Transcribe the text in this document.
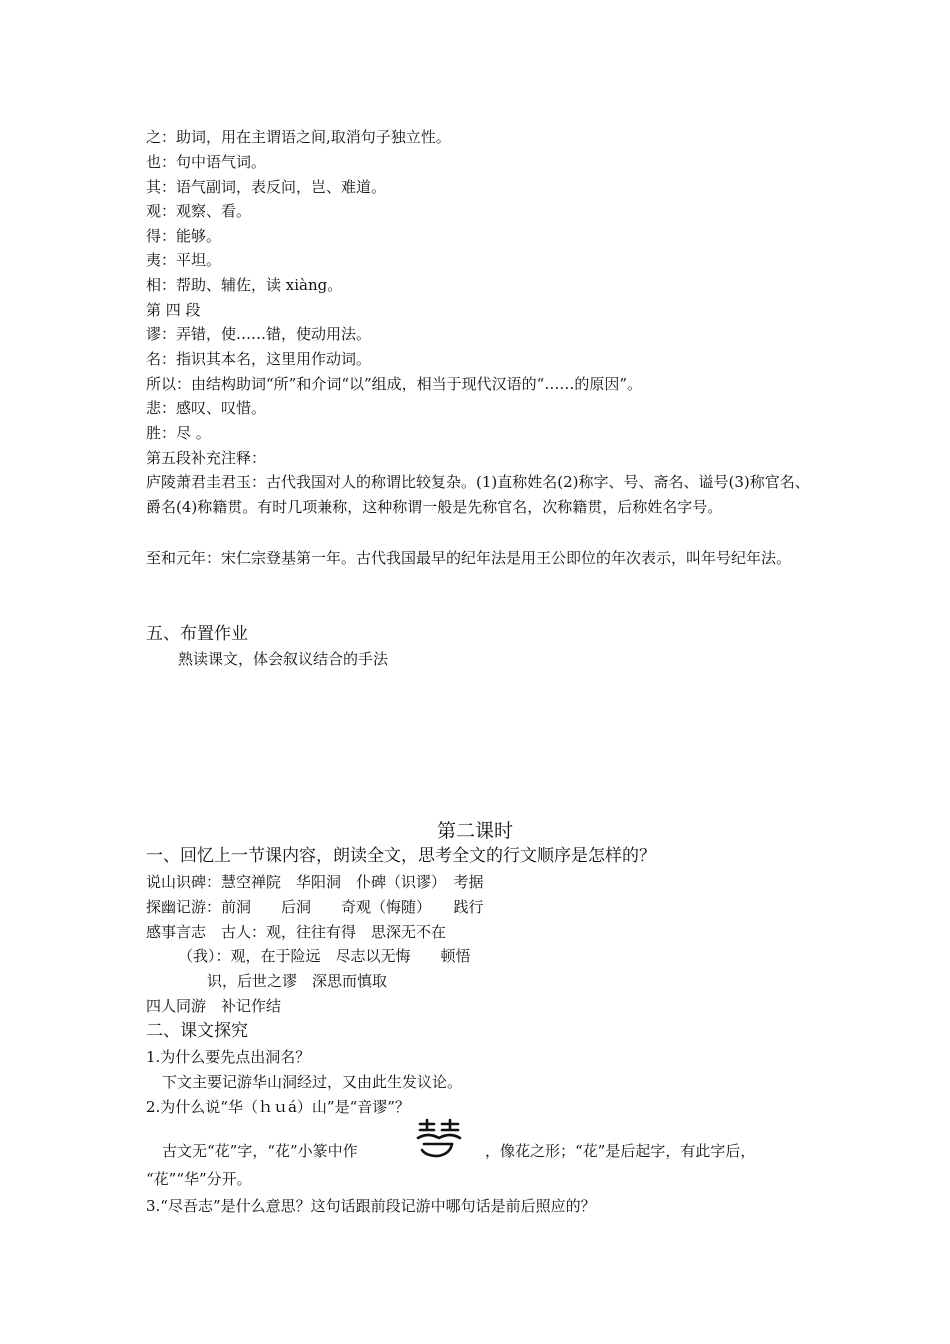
之：助词，用在主谓语之间,取消句子独立性。
也：句中语气词。
其：语气副词，表反问，岂、难道。
观：观察、看。
得：能够。
夷：平坦。
相：帮助、辅佐，读 xiàng。
第 四 段
谬：弄错，使……错，使动用法。
名：指识其本名，这里用作动词。
所以：由结构助词“所”和介词“以”组成，相当于现代汉语的“……的原因”。
悲：感叹、叹惜。
胜：尽 。
第五段补充注释：
庐陵萧君圭君玉：古代我国对人的称谓比较复杂。(1)直称姓名(2)称字、号、斋名、谥号(3)称官名、爵名(4)称籍贯。有时几项兼称，这种称谓一般是先称官名，次称籍贯，后称姓名字号。
至和元年：宋仁宗登基第一年。古代我国最早的纪年法是用王公即位的年次表示，叫年号纪年法。
五、布置作业
熟读课文，体会叙议结合的手法
第二课时
一、回忆上一节课内容，朗读全文，思考全文的行文顺序是怎样的？
说山识碑：慧空禅院　华阳洞　仆碑（识谬）　考据
探幽记游：前洞　　后洞　　奇观（悔随）　　践行
感事言志　古人：观，往往有得　思深无不在
（我）：观，在于险远　尽志以无悔　　顿悟
识，后世之谬　深思而慎取
四人同游　补记作结
二、课文探究
1.为什么要先点出洞名？
下文主要记游华山洞经过，又由此生发议论。
2.为什么说“华（ｈｕá）山”是“音谬”？
古文无“花”字，“花”小篆中作	，像花之形；“花”是后起字，有此字后，
“花”“华”分开。
3.“尽吾志”是什么意思？这句话跟前段记游中哪句话是前后照应的？
